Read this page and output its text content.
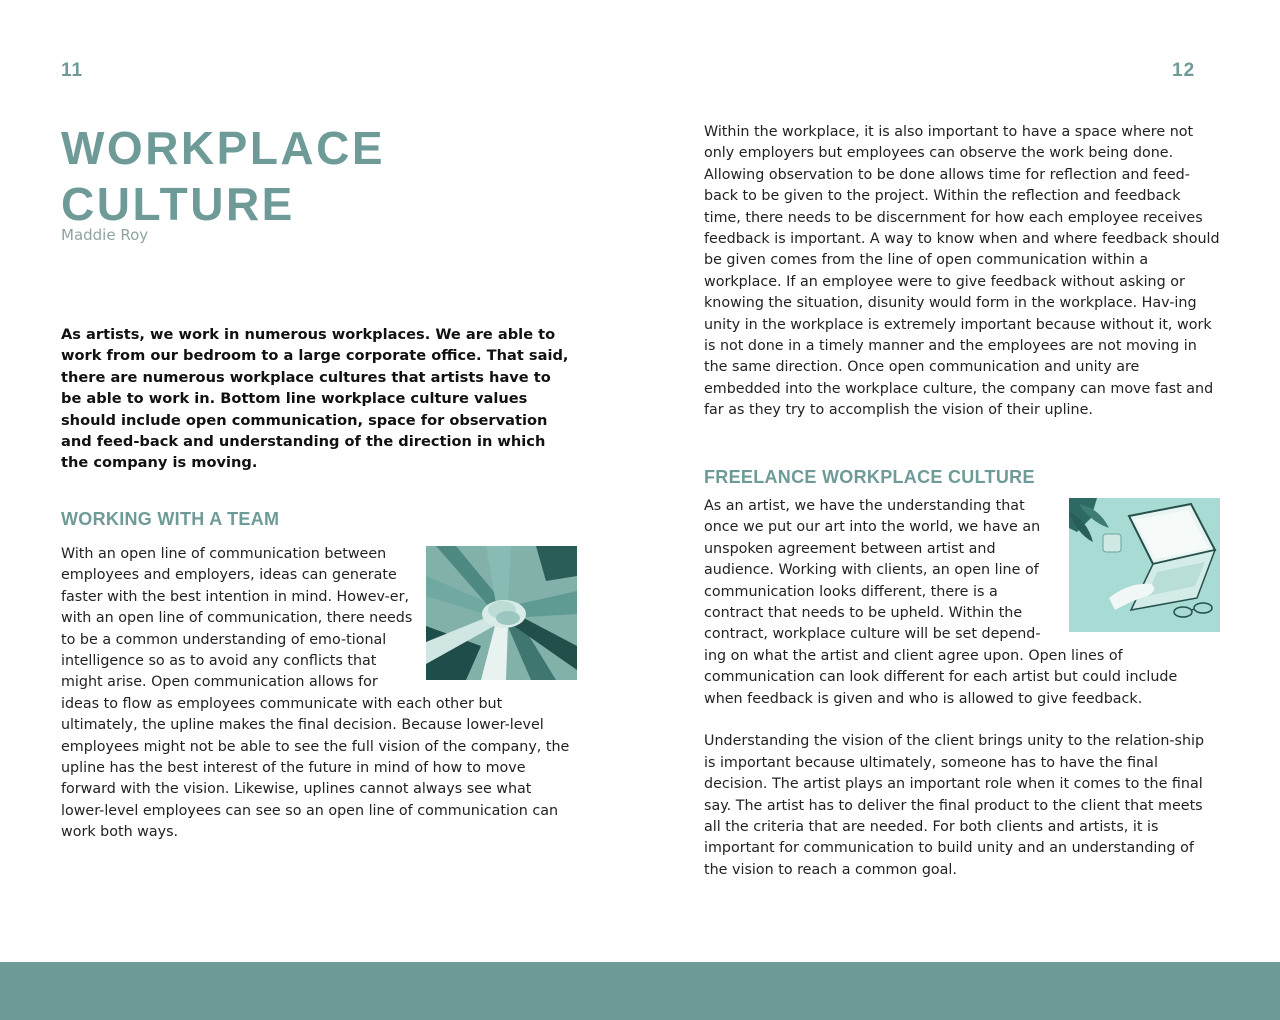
11	12
WORKPLACE
CULTURE
Maddie Roy

As artists, we work in numerous workplaces. We are able to work from our bedroom to a large corporate office. That said, there are numerous workplace cultures that artists have to be able to work in. Bottom line workplace culture values should include open communication, space for observation and feed-back and understanding of the direction in which the company is moving.

WORKING WITH A TEAM

With an open line of communication between employees and employers, ideas can generate faster with the best intention in mind. Howev-er, with an open line of communication, there needs to be a common understanding of emo-tional intelligence so as to avoid any conflicts that might arise. Open communication allows for ideas to flow as employees communicate with each other but ultimately, the upline makes the final decision. Because lower-level employees might not be able to see the full vision of the company, the upline has the best interest of the future in mind of how to move forward with the vision. Likewise, uplines cannot always see what lower-level employees can see so an open line of communication can work both ways.

Within the workplace, it is also important to have a space where not only employers but employees can observe the work being done. Allowing observation to be done allows time for reflection and feed-back to be given to the project. Within the reflection and feedback time, there needs to be discernment for how each employee receives feedback is important. A way to know when and where feedback should be given comes from the line of open communication within a workplace. If an employee were to give feedback without asking or knowing the situation, disunity would form in the workplace. Hav-ing unity in the workplace is extremely important because without it, work is not done in a timely manner and the employees are not moving in the same direction. Once open communication and unity are embedded into the workplace culture, the company can move fast and far as they try to accomplish the vision of their upline.

FREELANCE WORKPLACE CULTURE

As an artist, we have the understanding that once we put our art into the world, we have an unspoken agreement between artist and audience. Working with clients, an open line of communication looks different, there is a contract that needs to be upheld. Within the contract, workplace culture will be set depend-ing on what the artist and client agree upon. Open lines of communication can look different for each artist but could include when feedback is given and who is allowed to give feedback.

Understanding the vision of the client brings unity to the relation-ship is important because ultimately, someone has to have the final decision. The artist plays an important role when it comes to the final say. The artist has to deliver the final product to the client that meets all the criteria that are needed. For both clients and artists, it is important for communication to build unity and an understanding of the vision to reach a common goal.
